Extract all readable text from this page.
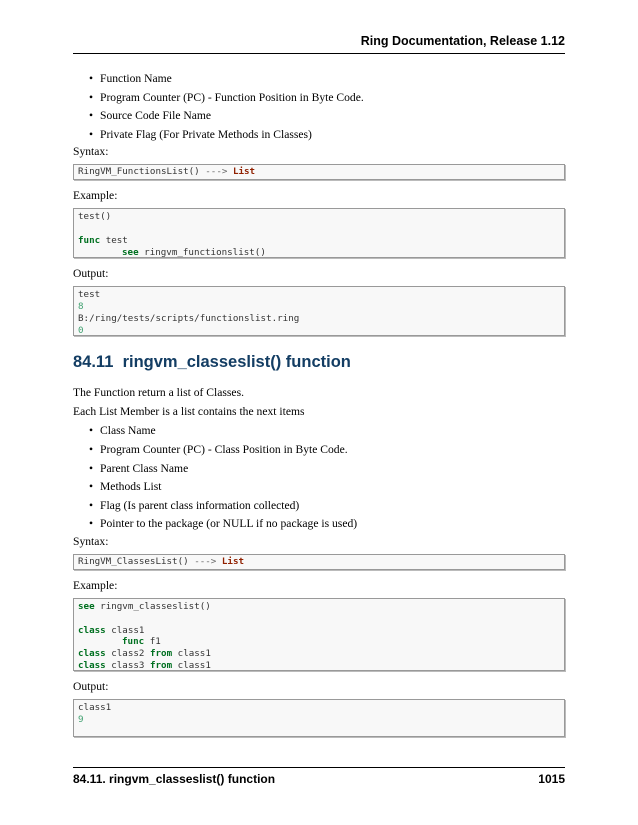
Ring Documentation, Release 1.12
• Function Name
• Program Counter (PC) - Function Position in Byte Code.
• Source Code File Name
• Private Flag (For Private Methods in Classes)

Syntax:

RingVM_FunctionsList() ---> List

Example:

test()

func test
see ringvm_functionslist()

Output:

test
8
B:/ring/tests/scripts/functionslist.ring
0
84.11 ringvm_classeslist() function

The Function return a list of Classes.

Each List Member is a list contains the next items

• Class Name
• Program Counter (PC) - Class Position in Byte Code.
• Parent Class Name
• Methods List
• Flag (Is parent class information collected)
• Pointer to the package (or NULL if no package is used)

Syntax:

RingVM_ClassesList() ---> List

Example:

see ringvm_classeslist()

class class1
func f1
class class2 from class1
class class3 from class1

Output:

class1
9
84.11. ringvm_classeslist() function	1015
